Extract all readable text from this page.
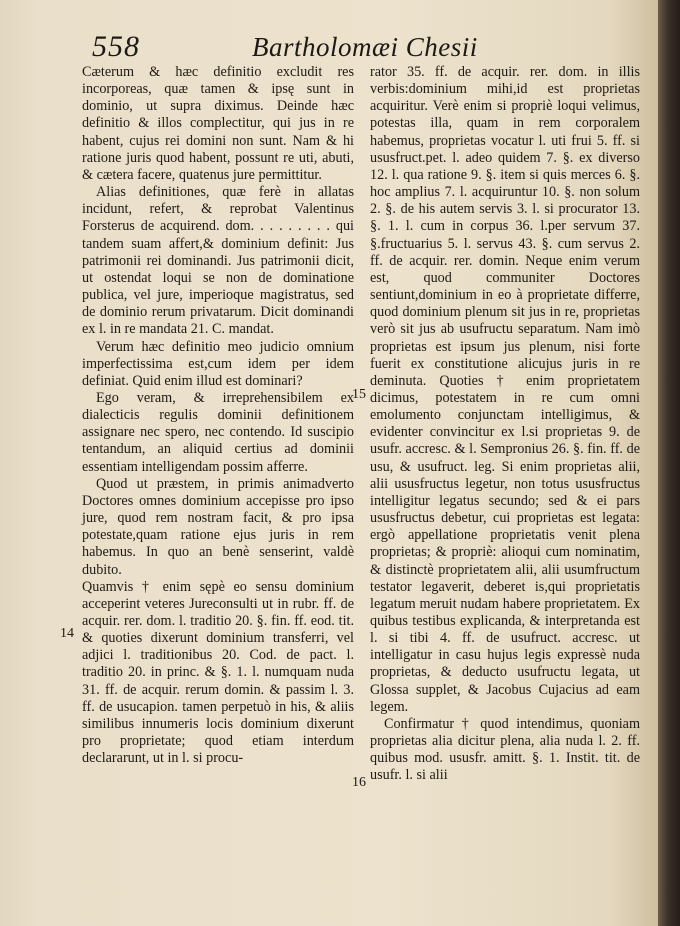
558	Bartholomæi Chesii

Cæterum & hæc definitio excludit res incorporeas, quæ tamen & ipsę sunt in dominio, ut supra diximus. Deinde hæc definitio & illos complectitur, qui jus in re habent, cujus rei domini non sunt. Nam & hi ratione juris quod habent, possunt re uti, abuti, & cætera facere, quatenus jure permittitur.

Alias definitiones, quæ ferè in allatas incidunt, refert, & reprobat Valentinus Forsterus de acquirend. dom. . . . . . . . . qui tandem suam affert,& dominium definit: Jus patrimonii rei dominandi. Jus patrimonii dicit, ut ostendat loqui se non de dominatione publica, vel jure, imperioque magistratus, sed de dominio rerum privatarum. Dicit dominandi ex l. in re mandata 21. C. mandat.

Verum hæc definitio meo judicio omnium imperfectissima est,cum idem per idem definiat. Quid enim illud est dominari?

Ego veram, & irreprehensibilem ex dialecticis regulis dominii definitionem assignare nec spero, nec contendo. Id suscipio tentandum, an aliquid certius ad dominii essentiam intelligendam possim afferre.

Quod ut præstem, in primis animadverto Doctores omnes dominium accepisse pro ipso jure, quod rem nostram facit, & pro ipsa potestate,quam ratione ejus juris in rem habemus. In quo an benè senserint, valdè dubito.

Quamvis † enim sępè eo sensu dominium acceperint veteres Jureconsulti ut in rubr. ff. de acquir. rer. dom. l. traditio 20. §. fin. ff. eod. tit. & quoties dixerunt dominium transferri, vel adjici l. traditionibus 20. Cod. de pact. l. traditio 20. in princ. & §. 1. l. numquam nuda 31. ff. de acquir. rerum domin. & passim l. 3. ff. de usucapion. tamen perpetuò in his, & aliis similibus innumeris locis dominium dixerunt pro proprietate; quod etiam interdum declararunt, ut in l. si procu-

14

rator 35. ff. de acquir. rer. dom. in illis verbis:dominium mihi,id est proprietas acquiritur. Verè enim si propriè loqui velimus, potestas illa, quam in rem corporalem habemus, proprietas vocatur l. uti frui 5. ff. si ususfruct.pet. l. adeo quidem 7. §. ex diverso 12. l. qua ratione 9. §. item si quis merces 6. §. hoc amplius 7. l. acquiruntur 10. §. non solum 2. §. de his autem servis 3. l. si procurator 13. §. 1. l. cum in corpus 36. l.per servum 37. §.fructuarius 5. l. servus 43. §. cum servus 2. ff. de acquir. rer. domin. Neque enim verum est, quod communiter Doctores sentiunt,dominium in eo à proprietate differre, quod dominium plenum sit jus in re, proprietas verò sit jus ab usufructu separatum. Nam imò proprietas est ipsum jus plenum, nisi forte fuerit ex constitutione alicujus juris in re deminuta. Quoties † enim proprietatem dicimus, potestatem in re cum omni emolumento conjunctam intelligimus, & evidenter convincitur ex l.si proprietas 9. de usufr. accresc. & l. Sempronius 26. §. fin. ff. de usu, & usufruct. leg. Si enim proprietas alii, alii ususfructus legetur, non totus ususfructus intelligitur legatus secundo; sed & ei pars ususfructus debetur, cui proprietas est legata: ergò appellatione proprietatis venit plena proprietas; & propriè: alioqui cum nominatim, & distinctè proprietatem alii, alii usumfructum testator legaverit, deberet is,qui proprietatis legatum meruit nudam habere proprietatem. Ex quibus testibus explicanda, & interpretanda est l. si tibi 4. ff. de usufruct. accresc. ut intelligatur in casu hujus legis expressè nuda proprietas, & deducto usufructu legata, ut Glossa supplet, & Jacobus Cujacius ad eam legem.

Confirmatur † quod intendimus, quoniam proprietas alia dicitur plena, alia nuda l. 2. ff. quibus mod. ususfr. amitt. §. 1. Instit. tit. de usufr. l. si alii

15
16
